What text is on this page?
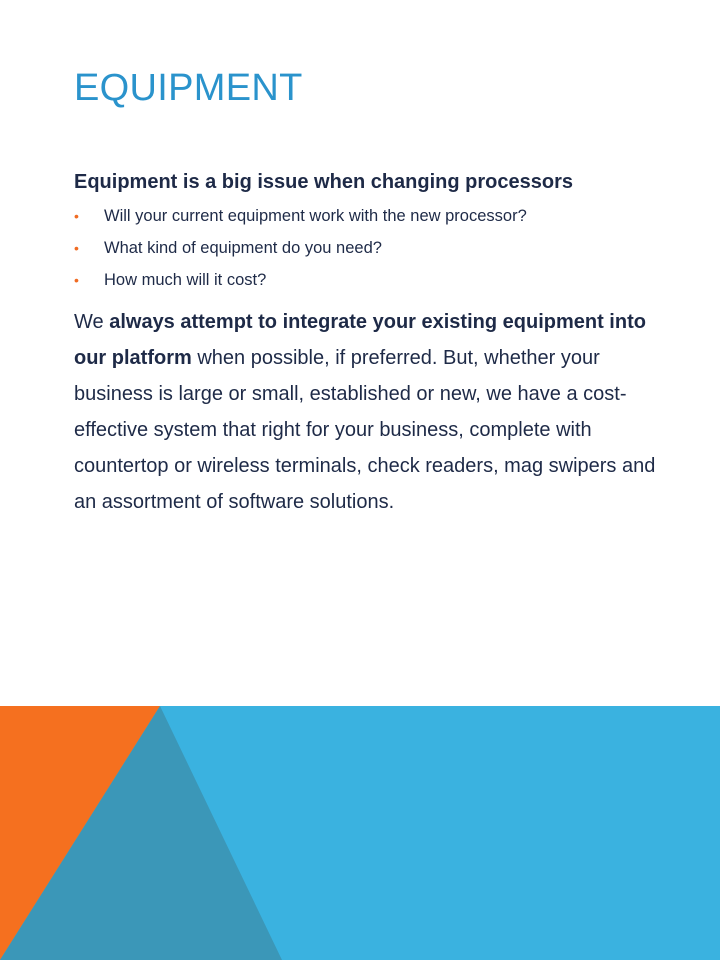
EQUIPMENT
Equipment is a big issue when changing processors
• Will your current equipment work with the new processor?
• What kind of equipment do you need?
• How much will it cost?

We always attempt to integrate your existing equipment into our platform when possible, if preferred. But, whether your business is large or small, established or new, we have a cost-effective system that right for your business, complete with countertop or wireless terminals, check readers, mag swipers and an assortment of software solutions.
